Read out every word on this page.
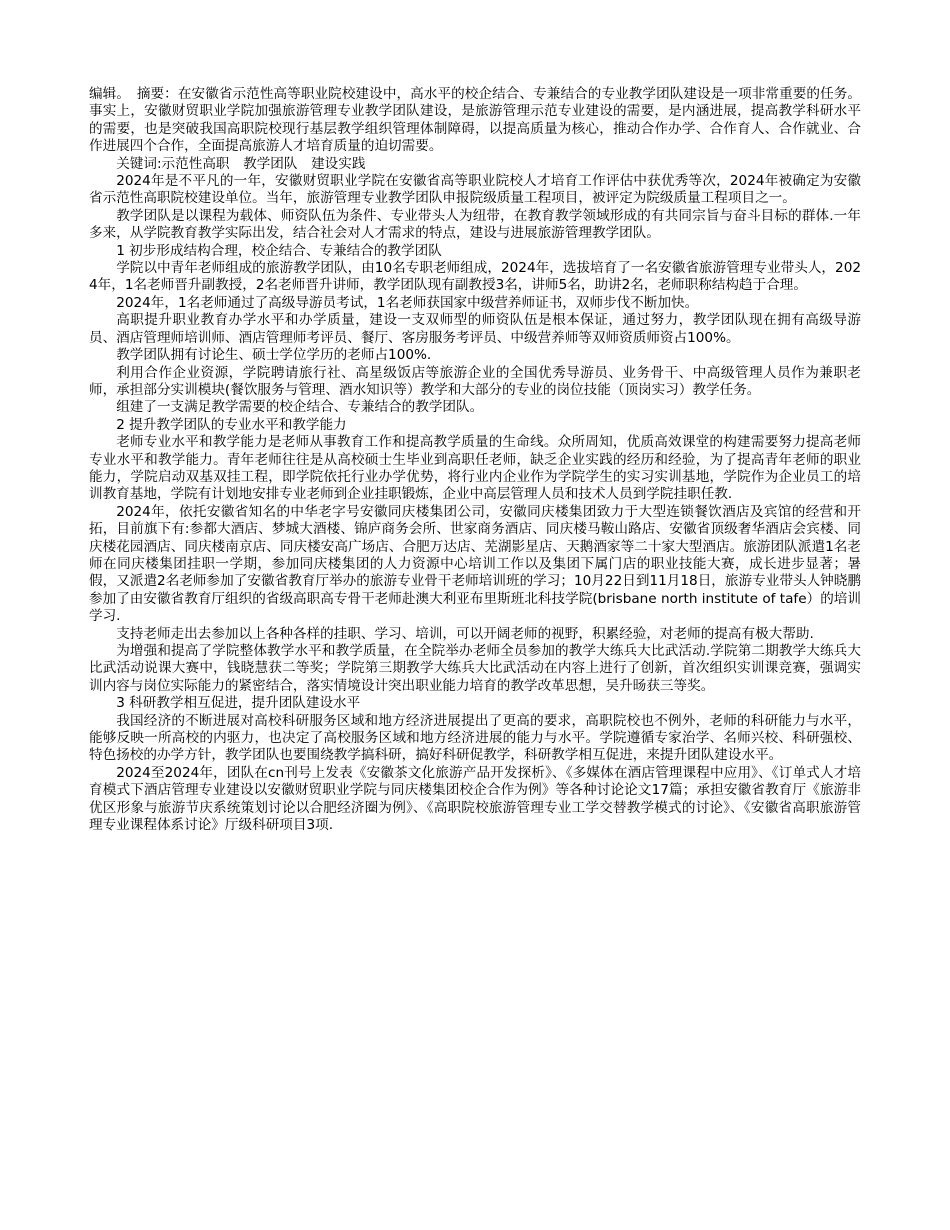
编辑。　摘要：在安徽省示范性高等职业院校建设中，高水平的校企结合、专兼结合的专业教学团队建设是一项非常重要的任务。事实上，安徽财贸职业学院加强旅游管理专业教学团队建设，是旅游管理示范专业建设的需要，是内涵进展，提高教学科研水平的需要，也是突破我国高职院校现行基层教学组织管理体制障碍，以提高质量为核心，推动合作办学、合作育人、合作就业、合作进展四个合作，全面提高旅游人才培育质量的迫切需要。

关键词:示范性高职　教学团队　建设实践

2024年是不平凡的一年，安徽财贸职业学院在安徽省高等职业院校人才培育工作评估中获优秀等次，2024年被确定为安徽省示范性高职院校建设单位。当年，旅游管理专业教学团队申报院级质量工程项目，被评定为院级质量工程项目之一。

教学团队是以课程为载体、师资队伍为条件、专业带头人为纽带，在教育教学领域形成的有共同宗旨与奋斗目标的群体.一年多来，从学院教育教学实际出发，结合社会对人才需求的特点，建设与进展旅游管理教学团队。

1 初步形成结构合理，校企结合、专兼结合的教学团队

学院以中青年老师组成的旅游教学团队，由10名专职老师组成，2024年，选拔培育了一名安徽省旅游管理专业带头人，2024年，1名老师晋升副教授，2名老师晋升讲师，教学团队现有副教授3名，讲师5名，助讲2名，老师职称结构趋于合理。

2024年，1名老师通过了高级导游员考试，1名老师获国家中级营养师证书，双师步伐不断加快。

高职提升职业教育办学水平和办学质量，建设一支双师型的师资队伍是根本保证，通过努力，教学团队现在拥有高级导游员、酒店管理师培训师、酒店管理师考评员、餐厅、客房服务考评员、中级营养师等双师资质师资占100%。

教学团队拥有讨论生、硕士学位学历的老师占100%.

利用合作企业资源，学院聘请旅行社、高星级饭店等旅游企业的全国优秀导游员、业务骨干、中高级管理人员作为兼职老师，承担部分实训模块(餐饮服务与管理、酒水知识等）教学和大部分的专业的岗位技能（顶岗实习）教学任务。

组建了一支满足教学需要的校企结合、专兼结合的教学团队。

2 提升教学团队的专业水平和教学能力

老师专业水平和教学能力是老师从事教育工作和提高教学质量的生命线。众所周知，优质高效课堂的构建需要努力提高老师专业水平和教学能力。青年老师往往是从高校硕士生毕业到高职任老师，缺乏企业实践的经历和经验，为了提高青年老师的职业能力，学院启动双基双挂工程，即学院依托行业办学优势，将行业内企业作为学院学生的实习实训基地，学院作为企业员工的培训教育基地，学院有计划地安排专业老师到企业挂职锻炼，企业中高层管理人员和技术人员到学院挂职任教.

2024年，依托安徽省知名的中华老字号安徽同庆楼集团公司，安徽同庆楼集团致力于大型连锁餐饮酒店及宾馆的经营和开拓，目前旗下有:参都大酒店、梦城大酒楼、锦庐商务会所、世家商务酒店、同庆楼马鞍山路店、安徽省顶级奢华酒店会宾楼、同庆楼花园酒店、同庆楼南京店、同庆楼安高广场店、合肥万达店、芜湖影星店、天鹅酒家等二十家大型酒店。旅游团队派遣1名老师在同庆楼集团挂职一学期，参加同庆楼集团的人力资源中心培训工作以及集团下属门店的职业技能大赛，成长进步显著；暑假，又派遣2名老师参加了安徽省教育厅举办的旅游专业骨干老师培训班的学习；10月22日到11月18日，旅游专业带头人钟晓鹏参加了由安徽省教育厅组织的省级高职高专骨干老师赴澳大利亚布里斯班北科技学院(brisbane north institute of tafe）的培训学习.

支持老师走出去参加以上各种各样的挂职、学习、培训，可以开阔老师的视野，积累经验，对老师的提高有极大帮助.

为增强和提高了学院整体教学水平和教学质量，在全院举办老师全员参加的教学大练兵大比武活动.学院第二期教学大练兵大比武活动说课大赛中，钱晓慧获二等奖；学院第三期教学大练兵大比武活动在内容上进行了创新，首次组织实训课竞赛，强调实训内容与岗位实际能力的紧密结合，落实情境设计突出职业能力培育的教学改革思想，吴升旸获三等奖。

3 科研教学相互促进，提升团队建设水平

我国经济的不断进展对高校科研服务区域和地方经济进展提出了更高的要求，高职院校也不例外，老师的科研能力与水平，能够反映一所高校的内驱力，也决定了高校服务区域和地方经济进展的能力与水平。学院遵循专家治学、名师兴校、科研强校、特色扬校的办学方针，教学团队也要围绕教学搞科研，搞好科研促教学，科研教学相互促进，来提升团队建设水平。

2024至2024年，团队在cn刊号上发表《安徽茶文化旅游产品开发探析》、《多媒体在酒店管理课程中应用》、《订单式人才培育模式下酒店管理专业建设以安徽财贸职业学院与同庆楼集团校企合作为例》等各种讨论论文17篇；承担安徽省教育厅《旅游非优区形象与旅游节庆系统策划讨论以合肥经济圈为例》、《高职院校旅游管理专业工学交替教学模式的讨论》、《安徽省高职旅游管理专业课程体系讨论》厅级科研项目3项.
